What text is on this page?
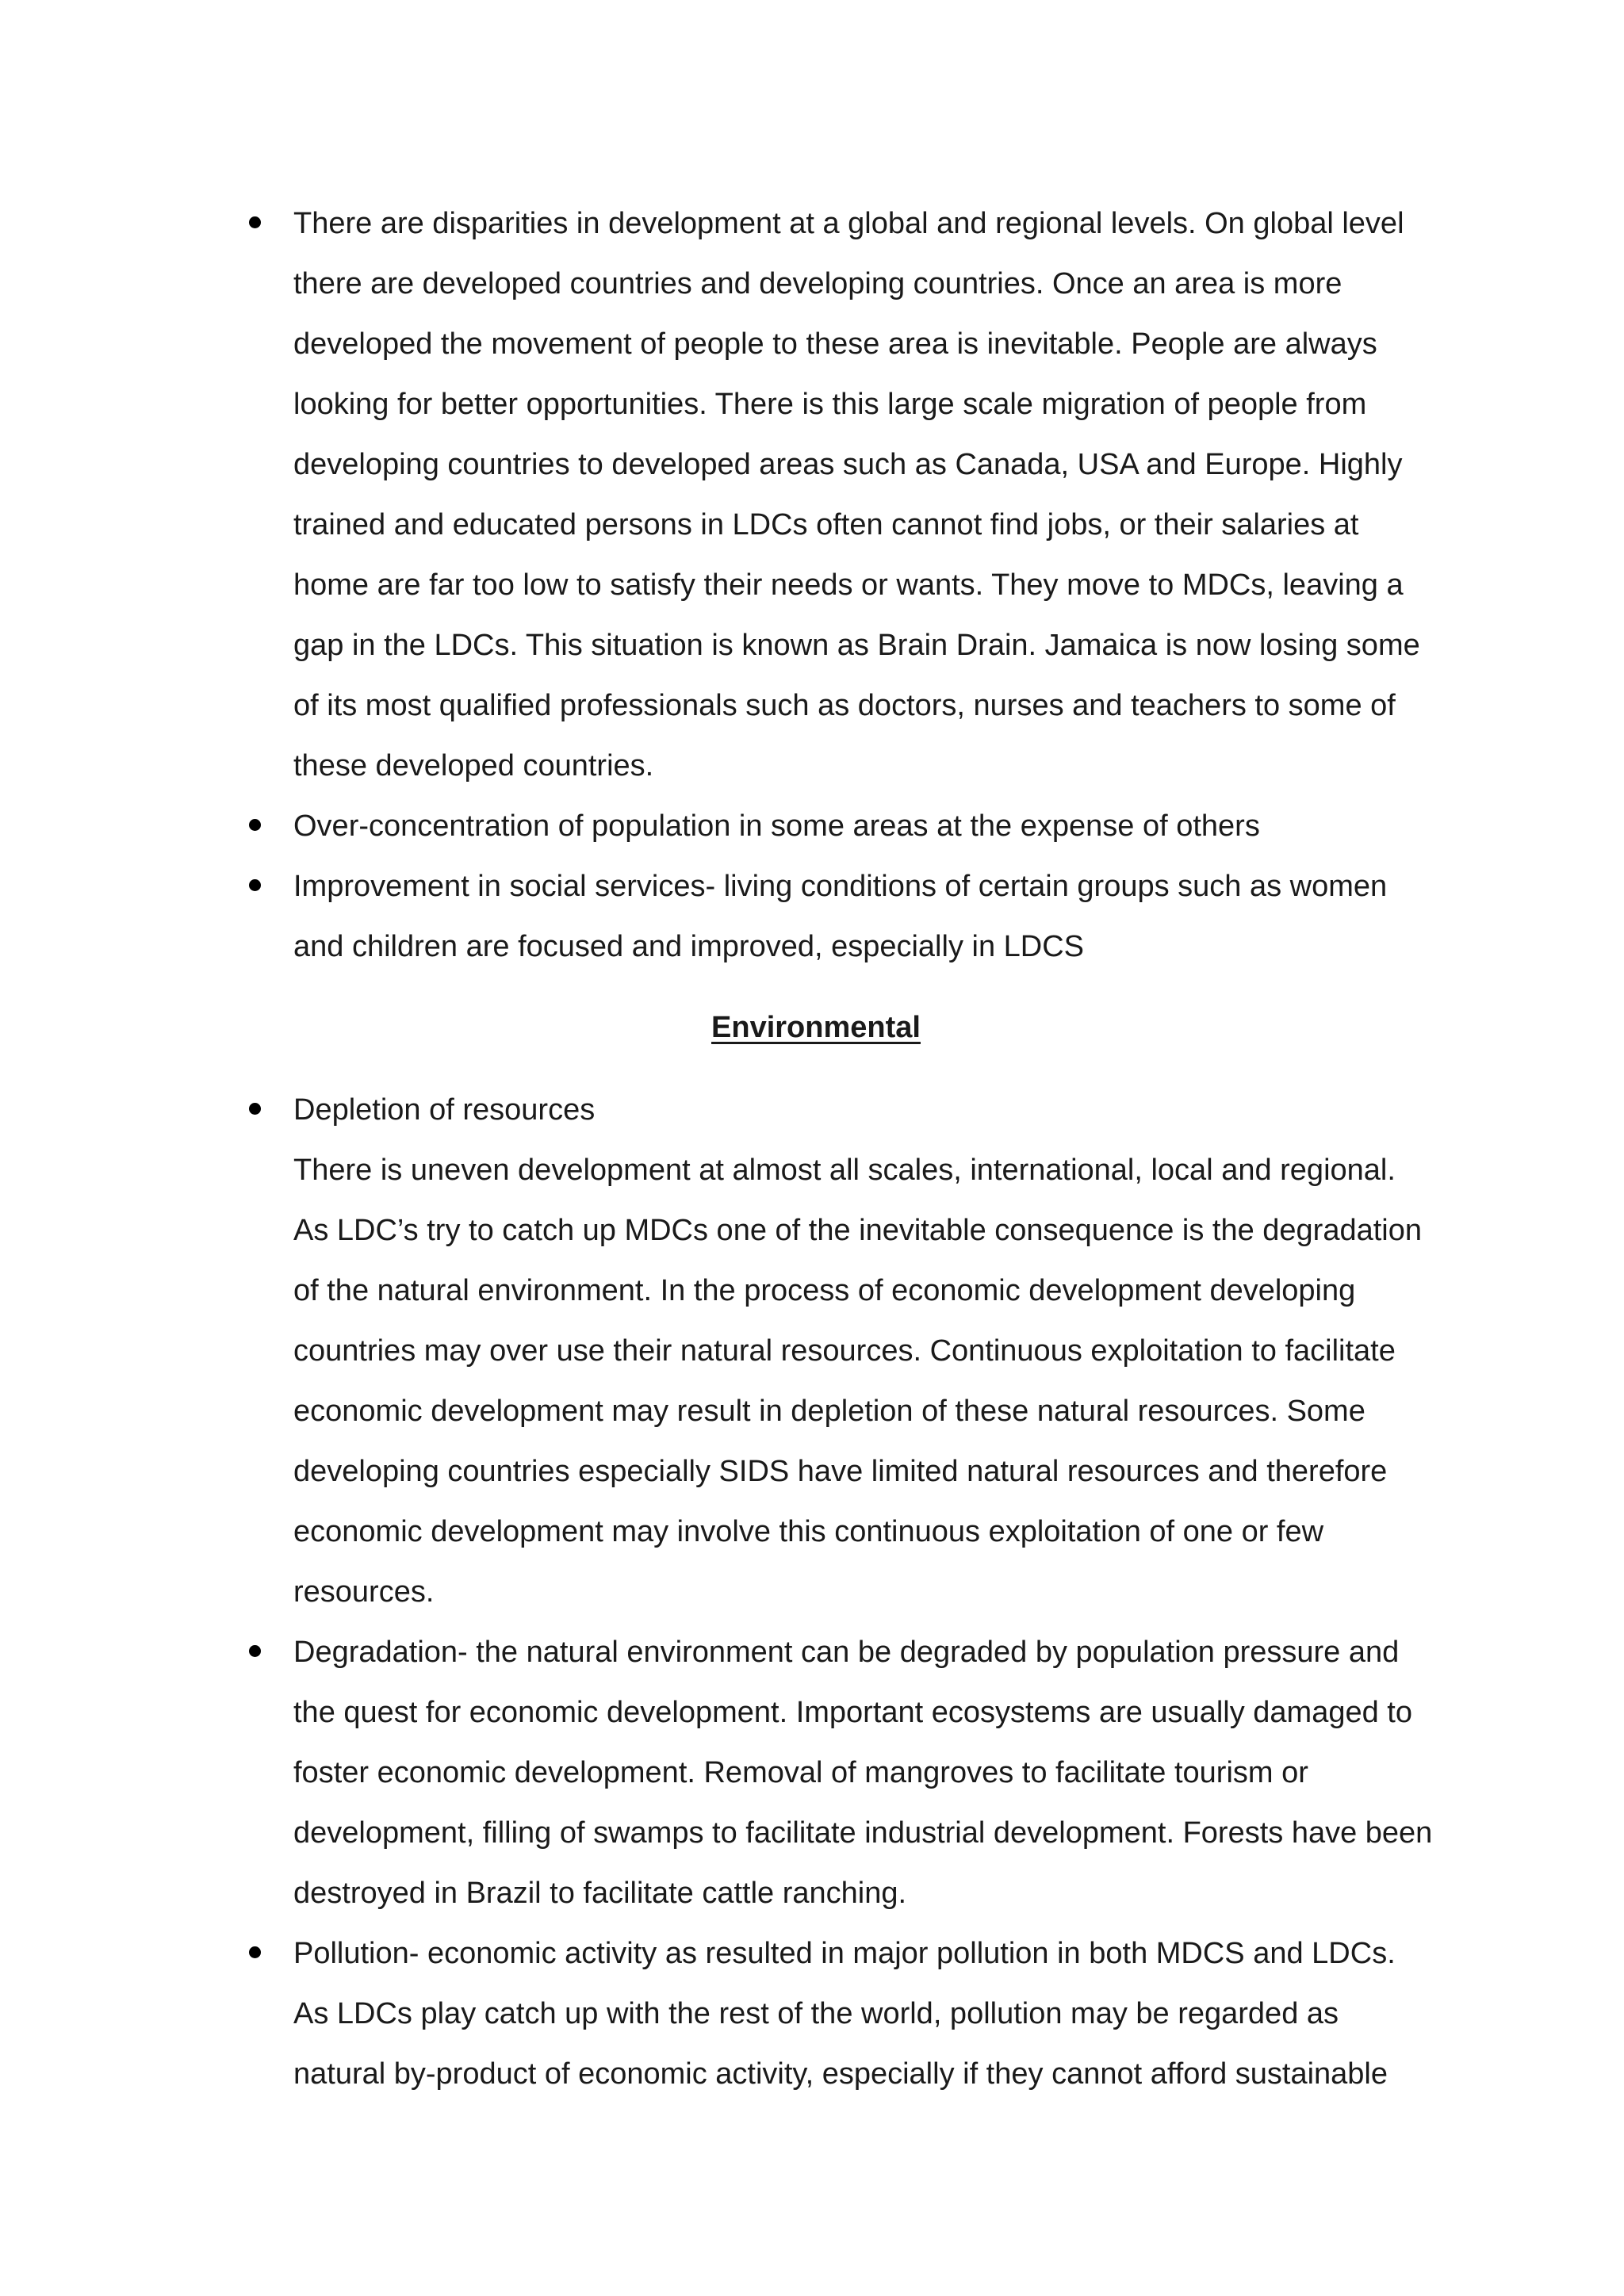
There are disparities in development at a global and regional levels. On global level there are developed countries and developing countries. Once an area is more developed the movement of people to these area is inevitable. People are always looking for better opportunities. There is this large scale migration of people from developing countries to developed areas such as Canada, USA and Europe. Highly trained and educated persons in LDCs often cannot find jobs, or their salaries at home are far too low to satisfy their needs or wants. They move to MDCs, leaving a gap in the LDCs. This situation is known as Brain Drain. Jamaica is now losing some of its most qualified professionals such as doctors, nurses and teachers to some of these developed countries.
Over-concentration of population in some areas at the expense of others
Improvement in social services- living conditions of certain groups such as women and children are focused and improved, especially in LDCS
Environmental
Depletion of resources
There is uneven development at almost all scales, international, local and regional. As LDC’s try to catch up MDCs one of the inevitable consequence is the degradation of the natural environment. In the process of economic development developing countries may over use their natural resources. Continuous exploitation to facilitate economic development may result in depletion of these natural resources. Some developing countries especially SIDS have limited natural resources and therefore economic development may involve this continuous exploitation of one or few resources.
Degradation- the natural environment can be degraded by population pressure and the quest for economic development. Important ecosystems are usually damaged to foster economic development. Removal of mangroves to facilitate tourism or development, filling of swamps to facilitate industrial development. Forests have been destroyed in Brazil to facilitate cattle ranching.
Pollution- economic activity as resulted in major pollution in both MDCS and LDCs. As LDCs play catch up with the rest of the world, pollution may be regarded as natural by-product of economic activity, especially if they cannot afford sustainable
